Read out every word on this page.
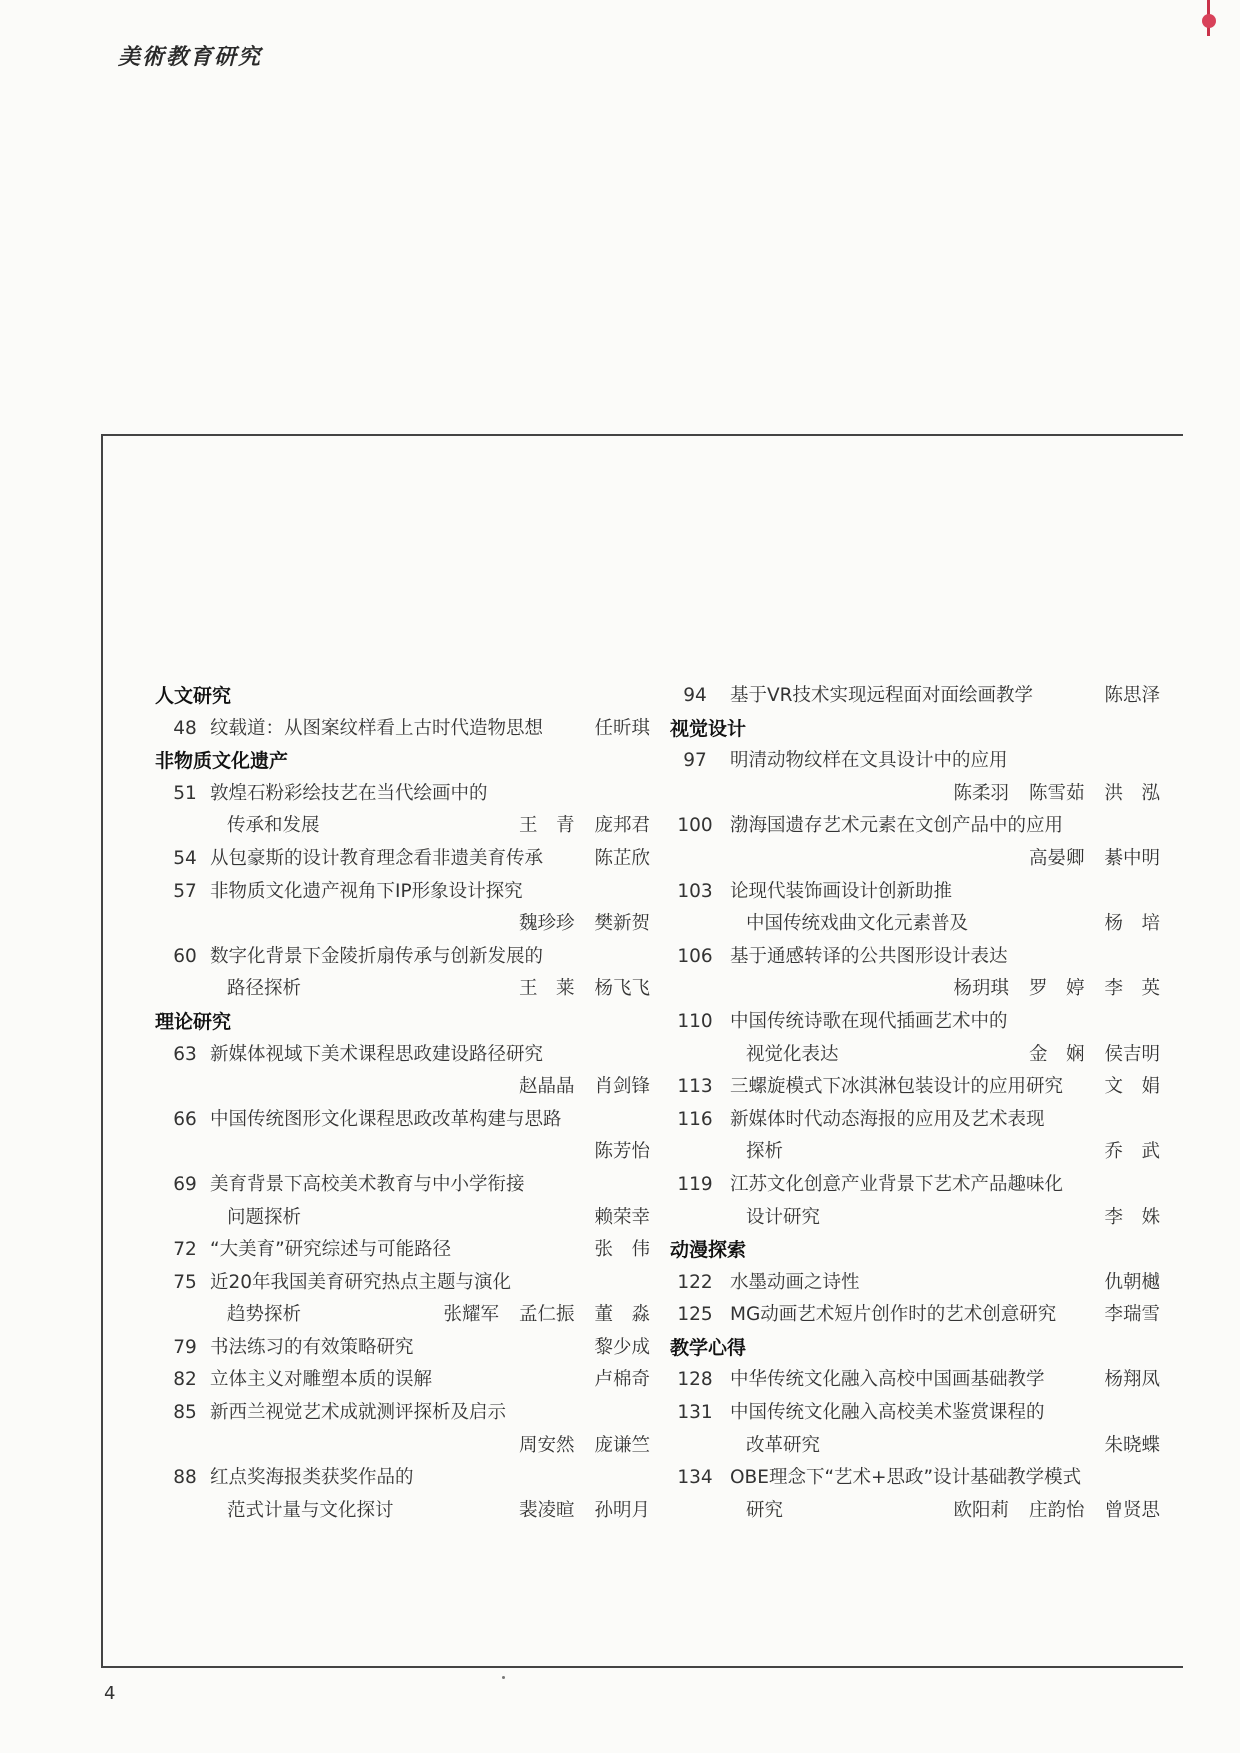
美術教育研究
人文研究
48 纹载道：从图案纹样看上古时代造物思想	任昕琪
非物质文化遗产
51 敦煌石粉彩绘技艺在当代绘画中的
传承和发展	王　青 庞邦君
54 从包豪斯的设计教育理念看非遗美育传承	陈芷欣
57 非物质文化遗产视角下IP形象设计探究
魏珍珍 樊新贺
60 数字化背景下金陵折扇传承与创新发展的
路径探析	王　莱 杨飞飞
理论研究
63 新媒体视域下美术课程思政建设路径研究
赵晶晶 肖剑锋
66 中国传统图形文化课程思政改革构建与思路
陈芳怡
69 美育背景下高校美术教育与中小学衔接
问题探析	赖荣幸
72 “大美育”研究综述与可能路径	张　伟
75 近20年我国美育研究热点主题与演化
趋势探析	张耀军 孟仁振 董　淼
79 书法练习的有效策略研究	黎少成
82 立体主义对雕塑本质的误解	卢棉奇
85 新西兰视觉艺术成就测评探析及启示
周安然 庞谦竺
88 红点奖海报类获奖作品的
范式计量与文化探讨	裴凌暄 孙明月
94	基于VR技术实现远程面对面绘画教学	陈思泽
视觉设计
97	明清动物纹样在文具设计中的应用
陈柔羽 陈雪茹 洪　泓
100 渤海国遗存艺术元素在文创产品中的应用
高晏卿 綦中明
103 论现代装饰画设计创新助推
中国传统戏曲文化元素普及	杨　培
106 基于通感转译的公共图形设计表达
杨玥琪 罗　婷 李　英
110 中国传统诗歌在现代插画艺术中的
视觉化表达	金　娴 侯吉明
113 三螺旋模式下冰淇淋包装设计的应用研究 文　娟
116 新媒体时代动态海报的应用及艺术表现
探析	乔　武
119 江苏文化创意产业背景下艺术产品趣味化
设计研究	李　姝
动漫探索
122 水墨动画之诗性	仇朝樾
125 MG动画艺术短片创作时的艺术创意研究	李瑞雪
教学心得
128 中华传统文化融入高校中国画基础教学	杨翔凤
131 中国传统文化融入高校美术鉴赏课程的
改革研究	朱晓蝶
134 OBE理念下“艺术+思政”设计基础教学模式
研究	欧阳莉 庄韵怡 曾贤思
4
